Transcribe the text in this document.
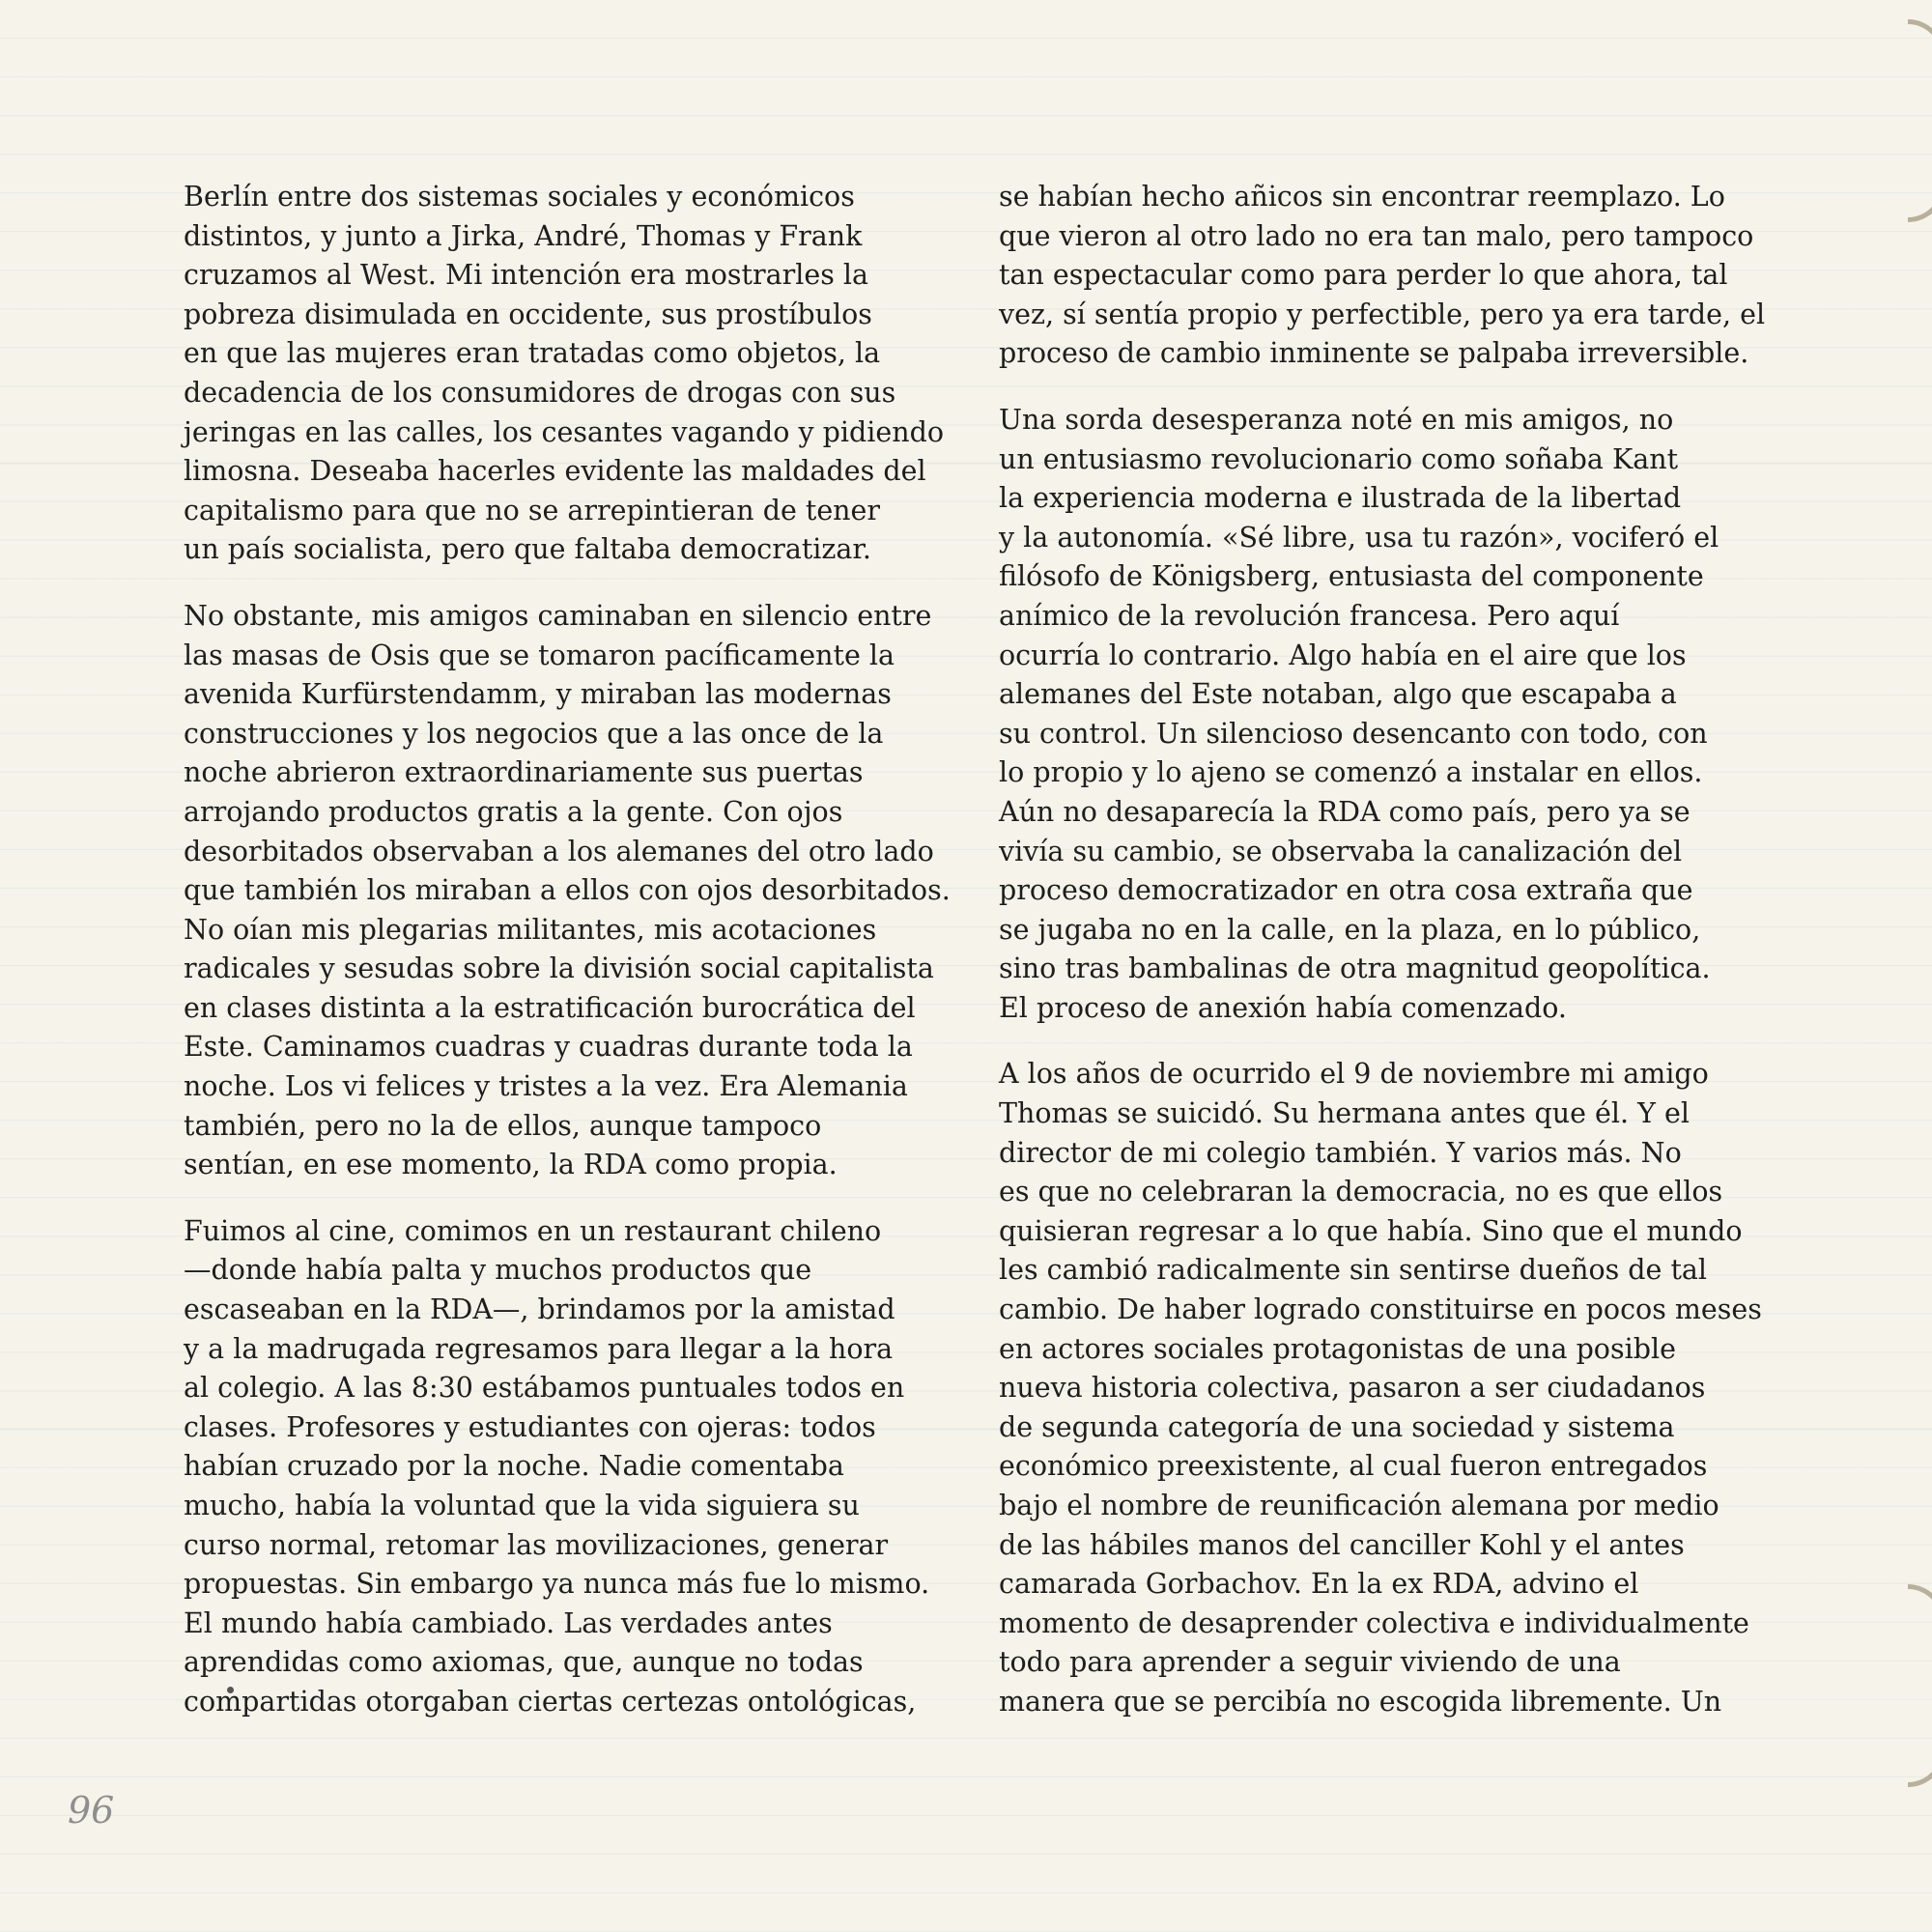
Berlín entre dos sistemas sociales y económicos
distintos, y junto a Jirka, André, Thomas y Frank
cruzamos al West. Mi intención era mostrarles la
pobreza disimulada en occidente, sus prostíbulos
en que las mujeres eran tratadas como objetos, la
decadencia de los consumidores de drogas con sus
jeringas en las calles, los cesantes vagando y pidiendo
limosna. Deseaba hacerles evidente las maldades del
capitalismo para que no se arrepintieran de tener
un país socialista, pero que faltaba democratizar.

No obstante, mis amigos caminaban en silencio entre
las masas de Osis que se tomaron pacíficamente la
avenida Kurfürstendamm, y miraban las modernas
construcciones y los negocios que a las once de la
noche abrieron extraordinariamente sus puertas
arrojando productos gratis a la gente. Con ojos
desorbitados observaban a los alemanes del otro lado
que también los miraban a ellos con ojos desorbitados.
No oían mis plegarias militantes, mis acotaciones
radicales y sesudas sobre la división social capitalista
en clases distinta a la estratificación burocrática del
Este. Caminamos cuadras y cuadras durante toda la
noche. Los vi felices y tristes a la vez. Era Alemania
también, pero no la de ellos, aunque tampoco
sentían, en ese momento, la RDA como propia.

Fuimos al cine, comimos en un restaurant chileno
—donde había palta y muchos productos que
escaseaban en la RDA—, brindamos por la amistad
y a la madrugada regresamos para llegar a la hora
al colegio. A las 8:30 estábamos puntuales todos en
clases. Profesores y estudiantes con ojeras: todos
habían cruzado por la noche. Nadie comentaba
mucho, había la voluntad que la vida siguiera su
curso normal, retomar las movilizaciones, generar
propuestas. Sin embargo ya nunca más fue lo mismo.
El mundo había cambiado. Las verdades antes
aprendidas como axiomas, que, aunque no todas
compartidas otorgaban ciertas certezas ontológicas,

se habían hecho añicos sin encontrar reemplazo. Lo
que vieron al otro lado no era tan malo, pero tampoco
tan espectacular como para perder lo que ahora, tal
vez, sí sentía propio y perfectible, pero ya era tarde, el
proceso de cambio inminente se palpaba irreversible.

Una sorda desesperanza noté en mis amigos, no
un entusiasmo revolucionario como soñaba Kant
la experiencia moderna e ilustrada de la libertad
y la autonomía. «Sé libre, usa tu razón», vociferó el
filósofo de Königsberg, entusiasta del componente
anímico de la revolución francesa. Pero aquí
ocurría lo contrario. Algo había en el aire que los
alemanes del Este notaban, algo que escapaba a
su control. Un silencioso desencanto con todo, con
lo propio y lo ajeno se comenzó a instalar en ellos.
Aún no desaparecía la RDA como país, pero ya se
vivía su cambio, se observaba la canalización del
proceso democratizador en otra cosa extraña que
se jugaba no en la calle, en la plaza, en lo público,
sino tras bambalinas de otra magnitud geopolítica.
El proceso de anexión había comenzado.

A los años de ocurrido el 9 de noviembre mi amigo
Thomas se suicidó. Su hermana antes que él. Y el
director de mi colegio también. Y varios más. No
es que no celebraran la democracia, no es que ellos
quisieran regresar a lo que había. Sino que el mundo
les cambió radicalmente sin sentirse dueños de tal
cambio. De haber logrado constituirse en pocos meses
en actores sociales protagonistas de una posible
nueva historia colectiva, pasaron a ser ciudadanos
de segunda categoría de una sociedad y sistema
económico preexistente, al cual fueron entregados
bajo el nombre de reunificación alemana por medio
de las hábiles manos del canciller Kohl y el antes
camarada Gorbachov. En la ex RDA, advino el
momento de desaprender colectiva e individualmente
todo para aprender a seguir viviendo de una
manera que se percibía no escogida libremente. Un

96
